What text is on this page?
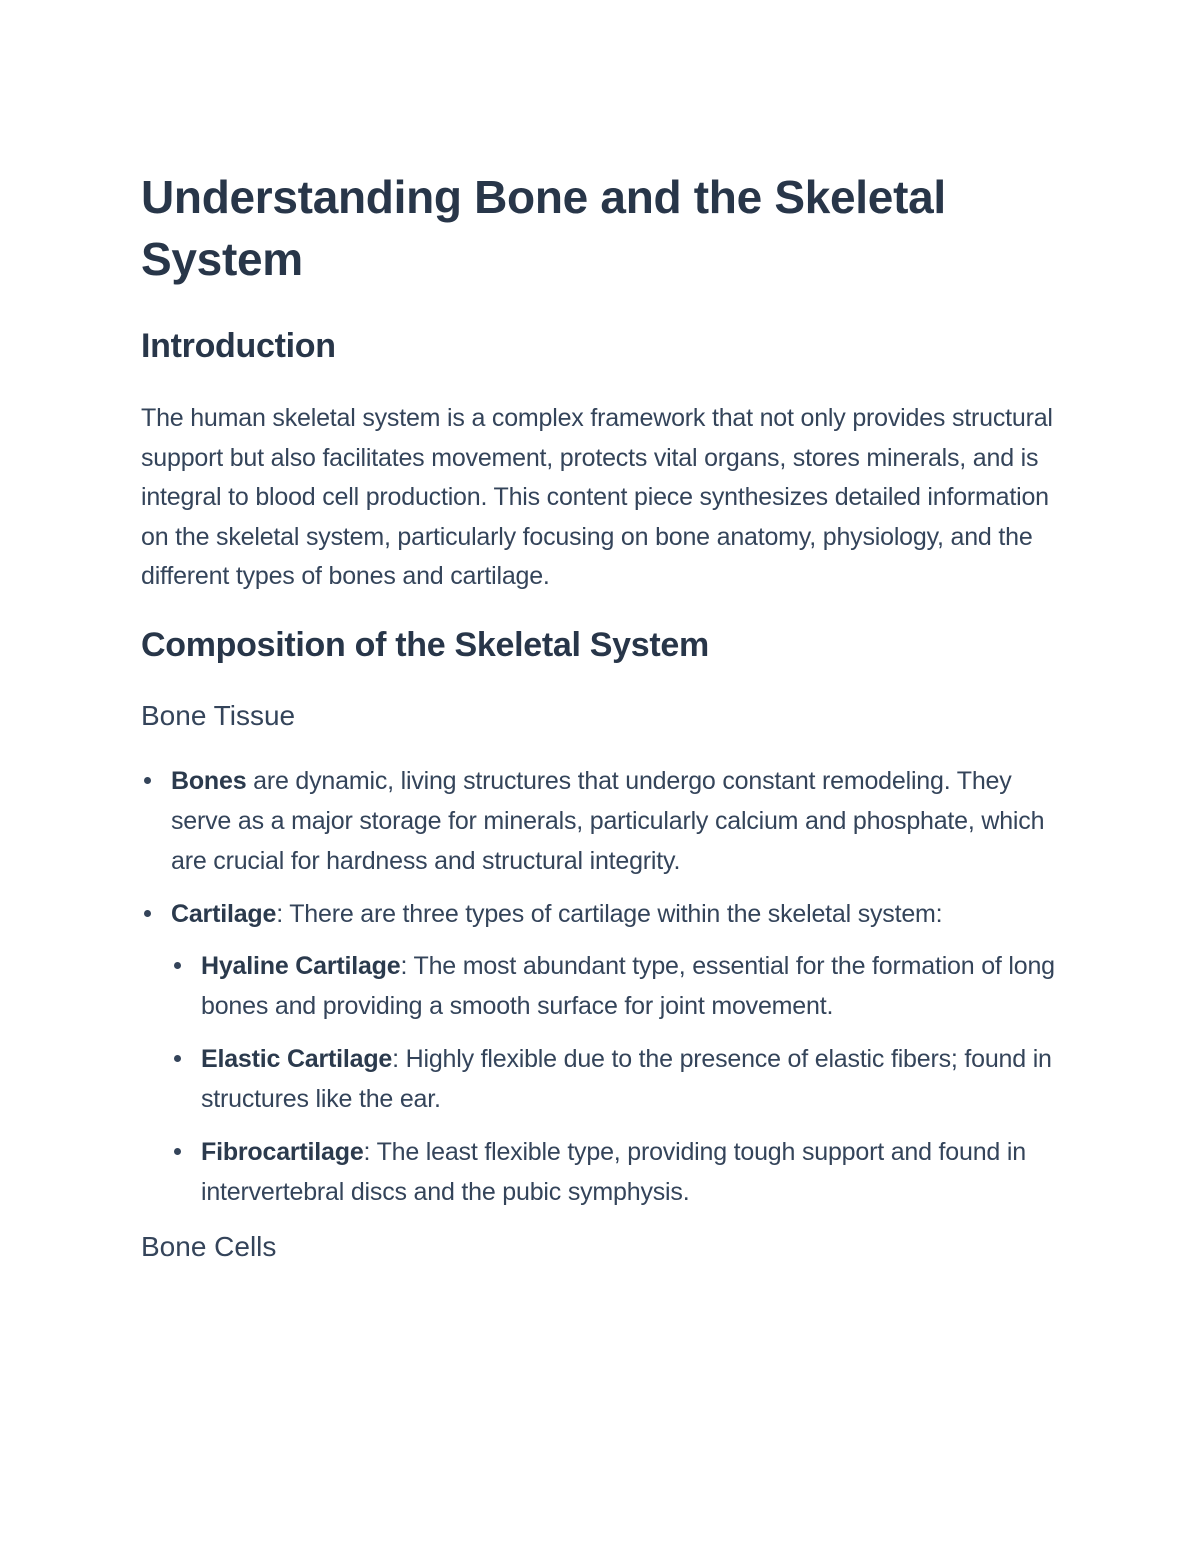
Understanding Bone and the Skeletal System
Introduction

The human skeletal system is a complex framework that not only provides structural support but also facilitates movement, protects vital organs, stores minerals, and is integral to blood cell production. This content piece synthesizes detailed information on the skeletal system, particularly focusing on bone anatomy, physiology, and the different types of bones and cartilage.

Composition of the Skeletal System
Bone Tissue
Bones are dynamic, living structures that undergo constant remodeling. They serve as a major storage for minerals, particularly calcium and phosphate, which are crucial for hardness and structural integrity.
Cartilage: There are three types of cartilage within the skeletal system:
Hyaline Cartilage: The most abundant type, essential for the formation of long bones and providing a smooth surface for joint movement.
Elastic Cartilage: Highly flexible due to the presence of elastic fibers; found in structures like the ear.
Fibrocartilage: The least flexible type, providing tough support and found in intervertebral discs and the pubic symphysis.
Bone Cells
